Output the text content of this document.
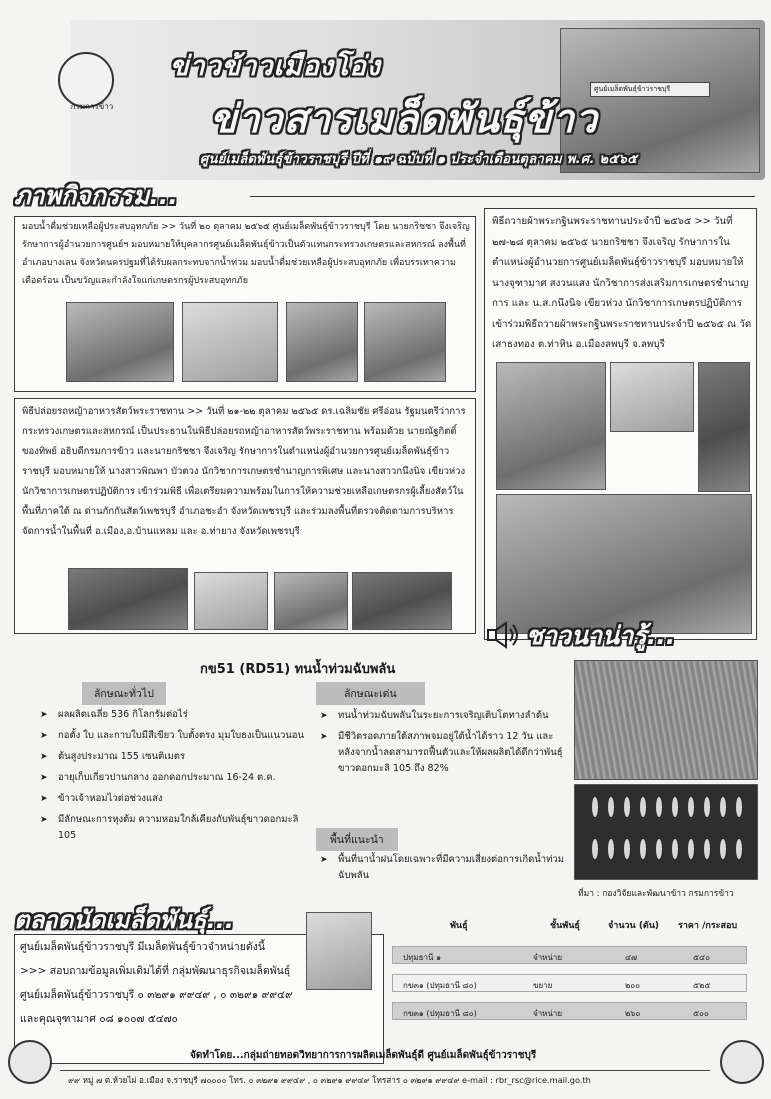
ศูนย์เมล็ดพันธุ์ข้าวราชบุรี
กรมการข้าว
ข่าวข้าวเมืองโอ่ง
ข่าวสารเมล็ดพันธุ์ข้าว
ศูนย์เมล็ดพันธุ์ข้าวราชบุรี ปีที่ ๑๙ ฉบับที่ ๑ ประจำเดือนตุลาคม พ.ศ. ๒๕๖๕
ภาพกิจกรรม...
มอบน้ำดื่มช่วยเหลือผู้ประสบอุทกภัย >> วันที่ ๒๐ ตุลาคม ๒๕๖๕ ศูนย์เมล็ดพันธุ์ข้าวราชบุรี โดย นายกริชชา จึงเจริญ รักษาการผู้อำนวยการศูนย์ฯ มอบหมายให้บุคลากรศูนย์เมล็ดพันธุ์ข้าวเป็นตัวแทนกระทรวงเกษตรและสหกรณ์ ลงพื้นที่อำเภอบางเลน จังหวัดนครปฐมที่ได้รับผลกระทบจากน้ำท่วม มอบน้ำดื่มช่วยเหลือผู้ประสบอุทกภัย เพื่อบรรเทาความเดือดร้อน เป็นขวัญและกำลังใจแก่เกษตรกรผู้ประสบอุทกภัย
พิธีถวายผ้าพระกฐินพระราชทานประจำปี ๒๕๖๕ >> วันที่ ๒๗-๒๘ ตุลาคม ๒๕๖๕ นายกริชชา จึงเจริญ รักษาการในตำแหน่งผู้อำนวยการศูนย์เมล็ดพันธุ์ข้าวราชบุรี มอบหมายให้นางจุฑามาศ สงวนแสง นักวิชาการส่งเสริมการเกษตรชำนาญการ และ น.ส.กนึงนิจ เขียวห่วง นักวิชาการเกษตรปฏิบัติการ เข้าร่วมพิธีถวายผ้าพระกฐินพระราชทานประจำปี ๒๕๖๕ ณ วัดเสาธงทอง ต.ท่าหิน อ.เมืองลพบุรี จ.ลพบุรี
พิธีปล่อยรถหญ้าอาหารสัตว์พระราชทาน >> วันที่ ๒๑-๒๒ ตุลาคม ๒๕๖๕ ดร.เฉลิมชัย ศรีอ่อน รัฐมนตรีว่าการกระทรวงเกษตรและสหกรณ์ เป็นประธานในพิธีปล่อยรถหญ้าอาหารสัตว์พระราชทาน พร้อมด้วย นายณัฐกิตติ์ ของทิพย์ อธิบดีกรมการข้าว และนายกริชชา จึงเจริญ รักษาการในตำแหน่งผู้อำนวยการศูนย์เมล็ดพันธุ์ข้าวราชบุรี มอบหมายให้ นางสาวพิณพา บัวตวง นักวิชาการเกษตรชำนาญการพิเศษ และนางสาวกนึงนิจ เขียวห่วง นักวิชาการเกษตรปฏิบัติการ เข้าร่วมพิธี เพื่อเตรียมความพร้อมในการให้ความช่วยเหลือเกษตรกรผู้เลี้ยงสัตว์ในพื้นที่ภาคใต้ ณ ด่านกักกันสัตว์เพชรบุรี อำเภอชะอำ จังหวัดเพชรบุรี และร่วมลงพื้นที่ตรวจติดตามการบริหารจัดการน้ำในพื้นที่ อ.เมือง,อ.บ้านแหลม และ อ.ท่ายาง จังหวัดเพชรบุรี
ชาวนาน่ารู้...
กข51 (RD51) ทนน้ำท่วมฉับพลัน
ลักษณะทั่วไป
➤ ผลผลิตเฉลี่ย 536 กิโลกรัมต่อไร่
➤ กอตั้ง ใบ และกาบใบมีสีเขียว ใบตั้งตรง มุมใบธงเป็นแนวนอน
➤ ต้นสูงประมาณ 155 เซนติเมตร
➤ อายุเก็บเกี่ยวปานกลาง ออกดอกประมาณ 16-24 ต.ค.
➤ ข้าวเจ้าหอมไวต่อช่วงแสง
➤ มีลักษณะการหุงต้ม ความหอมใกล้เคียงกับพันธุ์ขาวดอกมะลิ 105
ลักษณะเด่น
➤ ทนน้ำท่วมฉับพลันในระยะการเจริญเติบโตทางลำต้น
➤ มีชีวิตรอดภายใต้สภาพจมอยู่ใต้น้ำได้ราว 12 วัน และหลังจากน้ำลดสามารถฟื้นตัวและให้ผลผลิตได้ดีกว่าพันธุ์ขาวดอกมะลิ 105 ถึง 82%
พื้นที่แนะนำ
➤ พื้นที่นาน้ำฝนโดยเฉพาะที่มีความเสี่ยงต่อการเกิดน้ำท่วมฉับพลัน
ที่มา : กองวิจัยและพัฒนาข้าว กรมการข้าว
ตลาดนัดเมล็ดพันธุ์...
ศูนย์เมล็ดพันธุ์ข้าวราชบุรี มีเมล็ดพันธุ์ข้าวจำหน่ายดังนี้
>>> สอบถามข้อมูลเพิ่มเติมได้ที่ กลุ่มพัฒนาธุรกิจเมล็ดพันธุ์
ศูนย์เมล็ดพันธุ์ข้าวราชบุรี ๐ ๓๒๙๑ ๙๙๔๙ , ๐ ๓๒๙๑ ๙๙๔๙
และคุณจุฑามาศ ๐๘ ๑๐๐๗ ๕๔๗๐
พันธุ์	ชั้นพันธุ์	จำนวน (ตัน) ราคา /กระสอบ
ปทุมธานี ๑	จำหน่าย	๔๗	๕๔๐
กข๓๑ (ปทุมธานี ๘๐)	ขยาย	๒๐๐	๕๒๕
กข๓๑ (ปทุมธานี ๘๐)	จำหน่าย	๒๖๐	๕๐๐
จัดทำโดย...กลุ่มถ่ายทอดวิทยาการการผลิตเมล็ดพันธุ์ดี ศูนย์เมล็ดพันธุ์ข้าวราชบุรี
๙๙ หมู่ ๗ ต.ห้วยไผ่ อ.เมือง จ.ราชบุรี ๗๐๐๐๐ โทร. ๐ ๓๒๙๑ ๙๙๔๙ , ๐ ๓๒๙๑ ๙๙๔๙ โทรสาร ๐ ๓๒๙๑ ๙๙๔๙ e-mail : rbr_rsc@rice.mail.go.th
